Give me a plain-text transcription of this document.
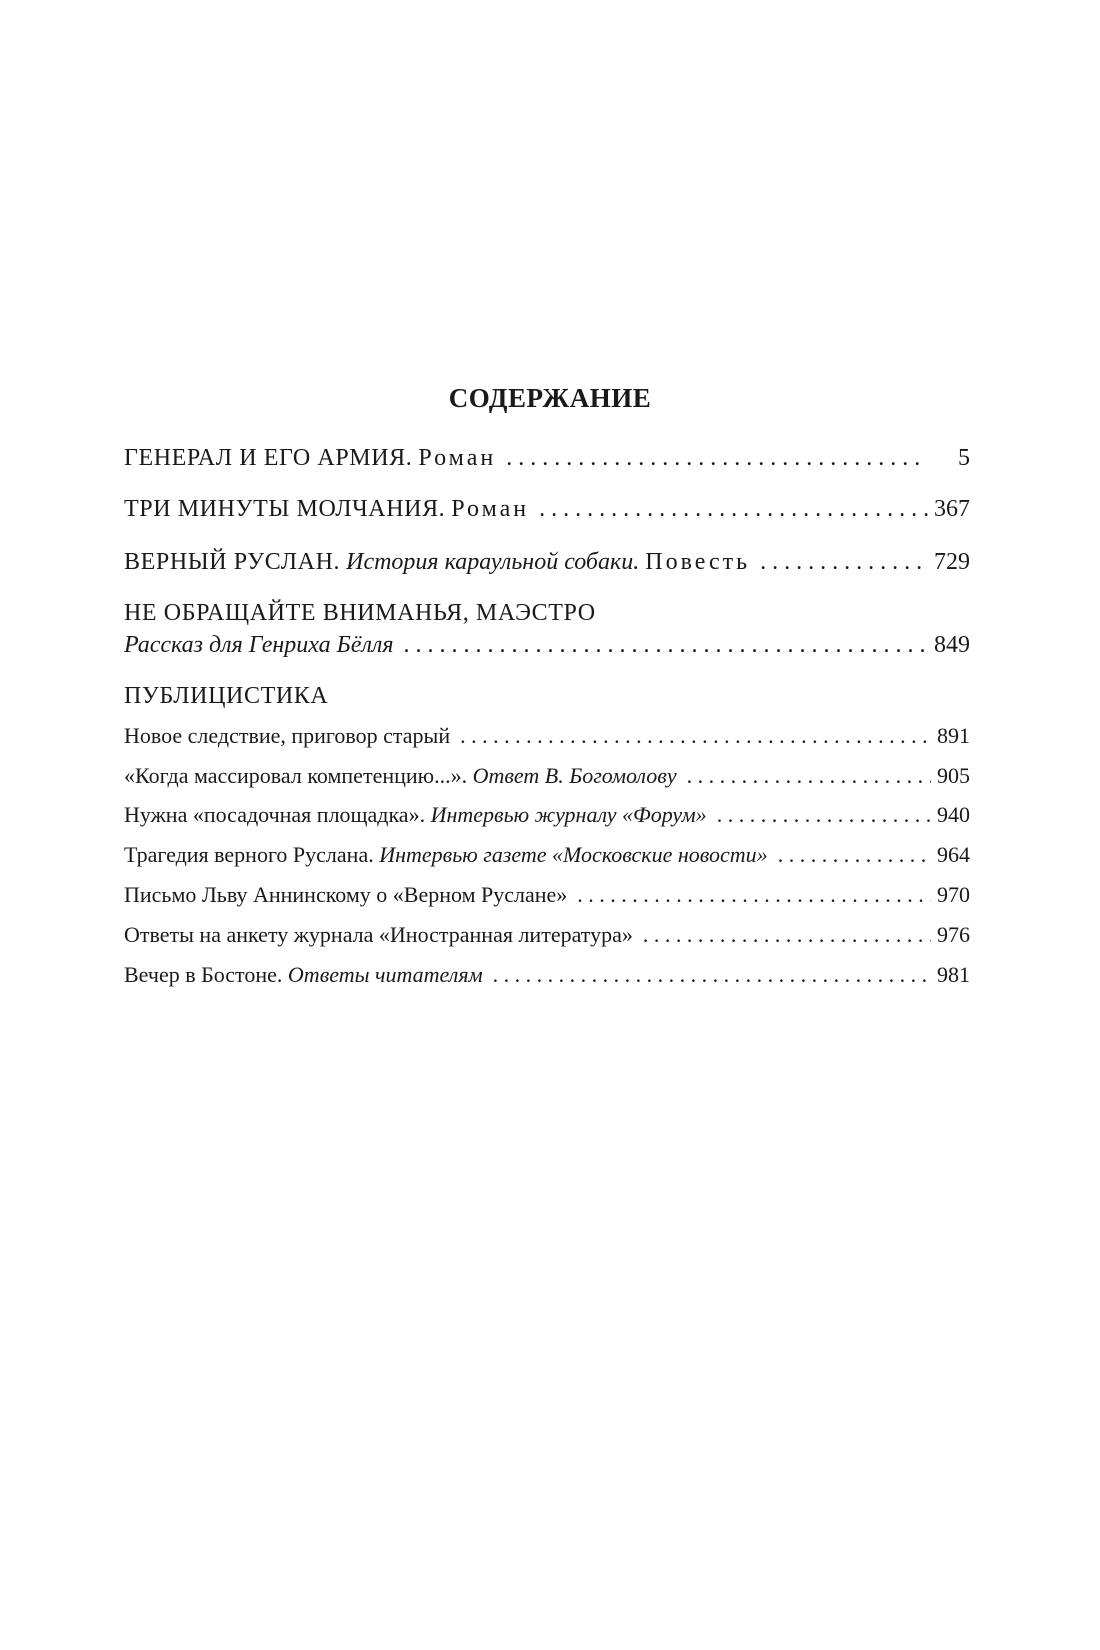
СОДЕРЖАНИЕ
ГЕНЕРАЛ И ЕГО АРМИЯ.
Роман . . .	5
ТРИ МИНУТЫ МОЛЧАНИЯ.
Роман . . .	367
ВЕРНЫЙ РУСЛАН.
История караульной собаки.
Повесть . . .	729
НЕ ОБРАЩАЙТЕ ВНИМАНЬЯ, МАЭСТРО
Рассказ для Генриха Бёлля . . .	849
ПУБЛИЦИСТИКА
Новое следствие, приговор старый . . .	891
«Когда массировал компетенцию...».
Ответ В. Богомолову . . .	905
Нужна «посадочная площадка».
Интервью журналу «Форум» . . .	940
Трагедия верного Руслана.
Интервью газете «Московские новости» . . .	964
Письмо Льву Аннинскому о «Верном Руслане» . . .	970
Ответы на анкету журнала «Иностранная литература» . . .	976
Вечер в Бостоне.
Ответы читателям . . .	981
